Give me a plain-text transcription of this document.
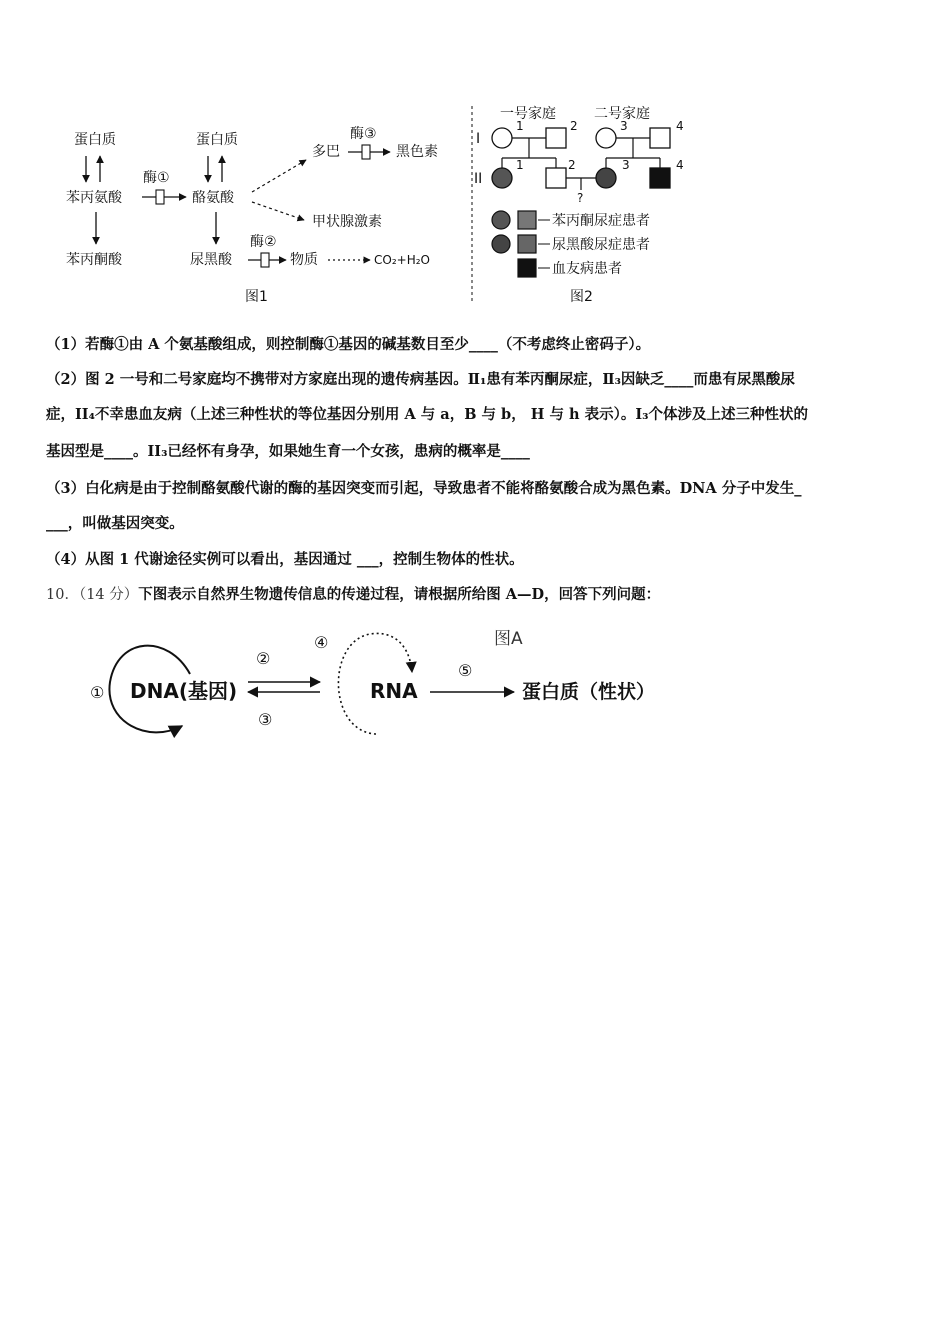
蛋白质
苯丙氨酸
苯丙酮酸
酶①
蛋白质
酪氨酸
尿黑酸
酶②
物质	CO₂+H₂O
多巴
酶③
黑色素
甲状腺激素
图1
一号家庭	二号家庭
I
II
1	2
1	2
3	4
3	4
?
苯丙酮尿症患者
尿黑酸尿症患者
血友病患者
图2
（1）若酶①由 A 个氨基酸组成，则控制酶①基因的碱基数目至少____（不考虑终止密码子）。
（2）图 2 一号和二号家庭均不携带对方家庭出现的遗传病基因。Ⅱ₁患有苯丙酮尿症，Ⅱ₃因缺乏____而患有尿黑酸尿
症，II₄不幸患血友病（上述三种性状的等位基因分别用 A 与 a，B 与 b， H 与 h 表示）。I₃个体涉及上述三种性状的
基因型是____。II₃已经怀有身孕，如果她生育一个女孩，患病的概率是____
（3）白化病是由于控制酪氨酸代谢的酶的基因突变而引起，导致患者不能将酪氨酸合成为黑色素。DNA 分子中发生_
___，叫做基因突变。
（4）从图 1 代谢途径实例可以看出，基因通过 ___，控制生物体的性状。
10．（14 分）下图表示自然界生物遗传信息的传递过程，请根据所给图 A—D，回答下列问题：
图A
① DNA(基因)
②
③
④
RNA
⑤
蛋白质（性状）
